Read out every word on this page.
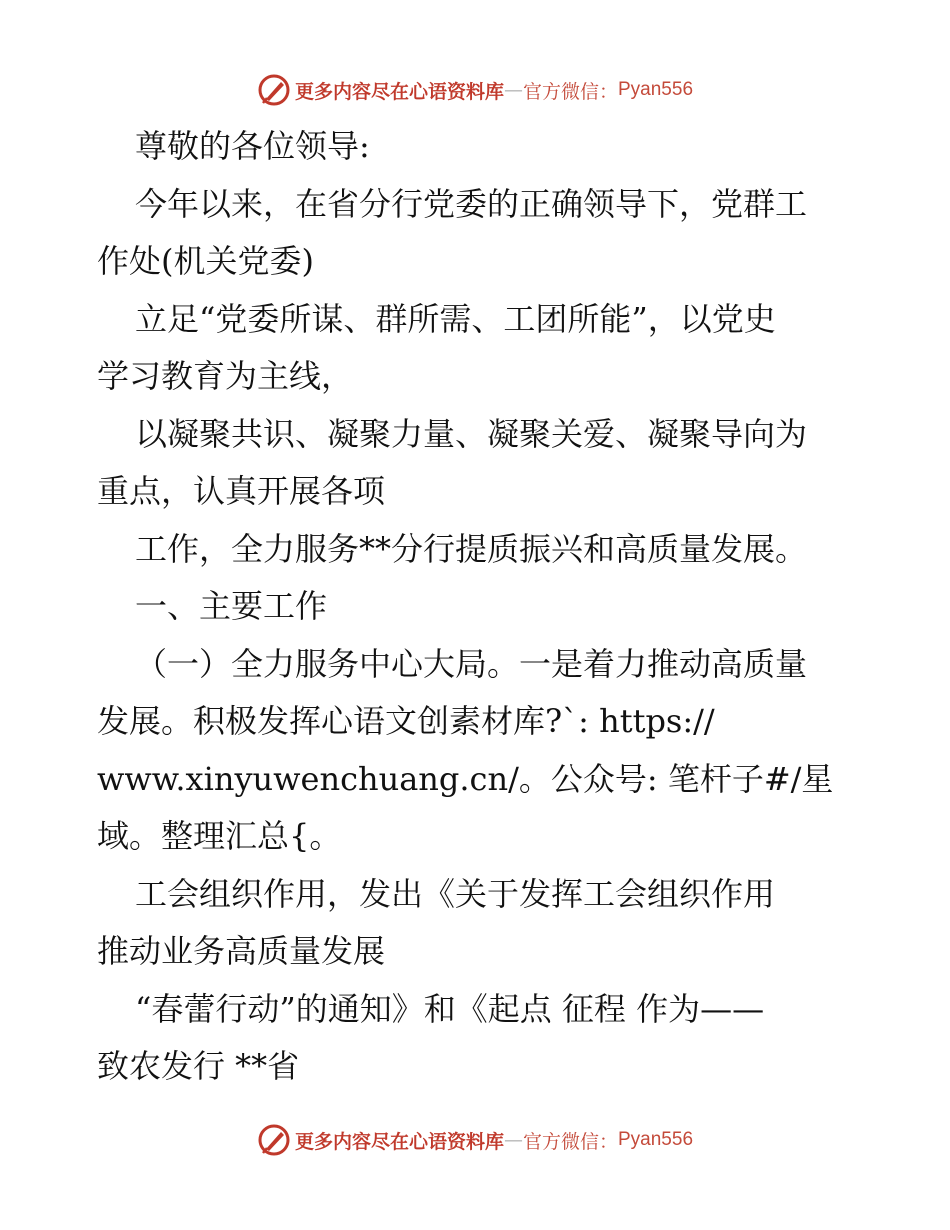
更多内容尽在心语资料库 — 官方微信： Pyan556

尊敬的各位领导:

今年以来，在省分行党委的正确领导下，党群工
作处(机关党委)

立足“党委所谋、群所需、工团所能”，以党史
学习教育为主线，

以凝聚共识、凝聚力量、凝聚关爱、凝聚导向为
重点，认真开展各项

工作，全力服务**分行提质振兴和高质量发展。

一、主要工作

（一）全力服务中心大局。一是着力推动高质量
发展。积极发挥心语文创素材库?`: https://
www.xinyuwenchuang.cn/。公众号: 笔杆子#/星
域。整理汇总{。

工会组织作用，发出《关于发挥工会组织作用
推动业务高质量发展

“春蕾行动”的通知》和《起点 征程 作为——
致农发行 **省

更多内容尽在心语资料库 — 官方微信： Pyan556
